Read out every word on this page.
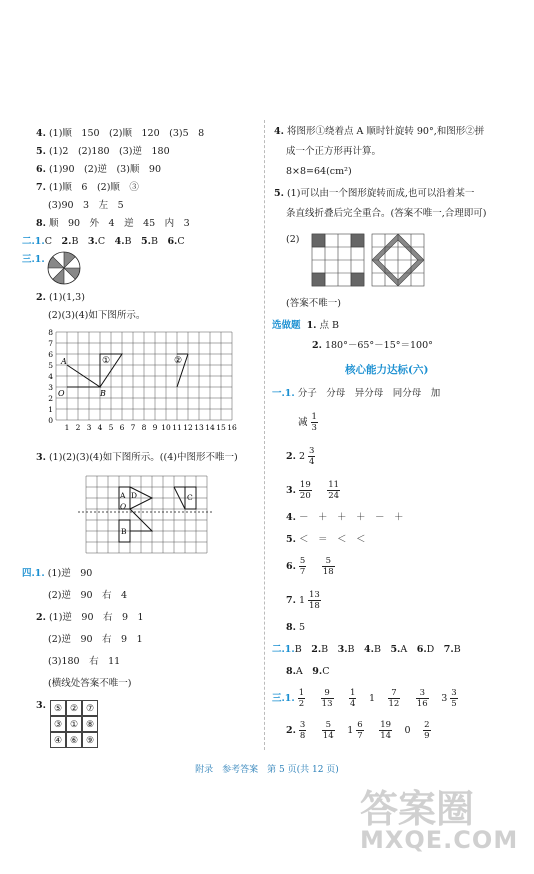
4. (1)顺　150　(2)顺　120　(3)5　8
5. (1)2　(2)180　(3)逆　180
6. (1)90　(2)逆　(3)顺　90
7. (1)顺　6　(2)顺　③
(3)90　3　左　5
8. 顺　90　外　4　逆　45　内　3
二.1.C　2.B　3.C　4.B　5.B　6.C
三.1.
2. (1)(1,3)
(2)(3)(4)如下图所示。
A
B
O
①	②
8
7
6
5
4
3
2
1
0
1 2 3 4 5 6 7 8 9 10 11 12 13 14 15 16
3. (1)(2)(3)(4)如下图所示。((4)中图形不唯一)
A D
O
C
B
四.1. (1)逆　90
(2)逆　90　右　4
2. (1)逆　90　右　9　1
(2)逆　90　右　9　1
(3)180　右　11
(横线处答案不唯一)
3. ⑤ ② ⑦
③ ① ⑧
④ ⑥ ⑨
4. 将图形①绕着点 A 顺时针旋转 90°,和图形②拼
成一个正方形再计算。
8×8=64(cm²)
5. (1)可以由一个图形旋转而成,也可以沿着某一
条直线折叠后完全重合。(答案不唯一,合理即可)
(2)
(答案不唯一)
选做题 1. 点 B
2. 180°－65°－15°＝100°
核心能力达标(六)
一.1. 分子　分母　异分母　同分母　加
减 $\frac{1}{3}$
2. $2 \frac{3}{4}$
3. $\frac{19}{20}$
　 $\frac{11}{24}$
4. －　＋　＋　＋　－　＋
5. ＜　＝　＜　＜
6. $\frac{5}{7}$
　 $\frac{5}{18}$
7. $1 \frac{13}{18}$
8. 5
二.1.B　2.B　3.B　4.B　5.A　6.D　7.B
8.A　9.C
三.1. $\frac{1}{2}$
　 $\frac{9}{13}$
　 $\frac{1}{4}$
　 1　 $\frac{7}{12}$
　 $\frac{3}{16}$
　 $3 \frac{3}{5}$
2. $\frac{3}{8}$
　 $\frac{5}{14}$
　 $1 \frac{6}{7}$
　 $\frac{19}{14}$
　 0　 $\frac{2}{9}$
附录　参考答案　第 5 页(共 12 页)
答案圈
MXQE.COM
